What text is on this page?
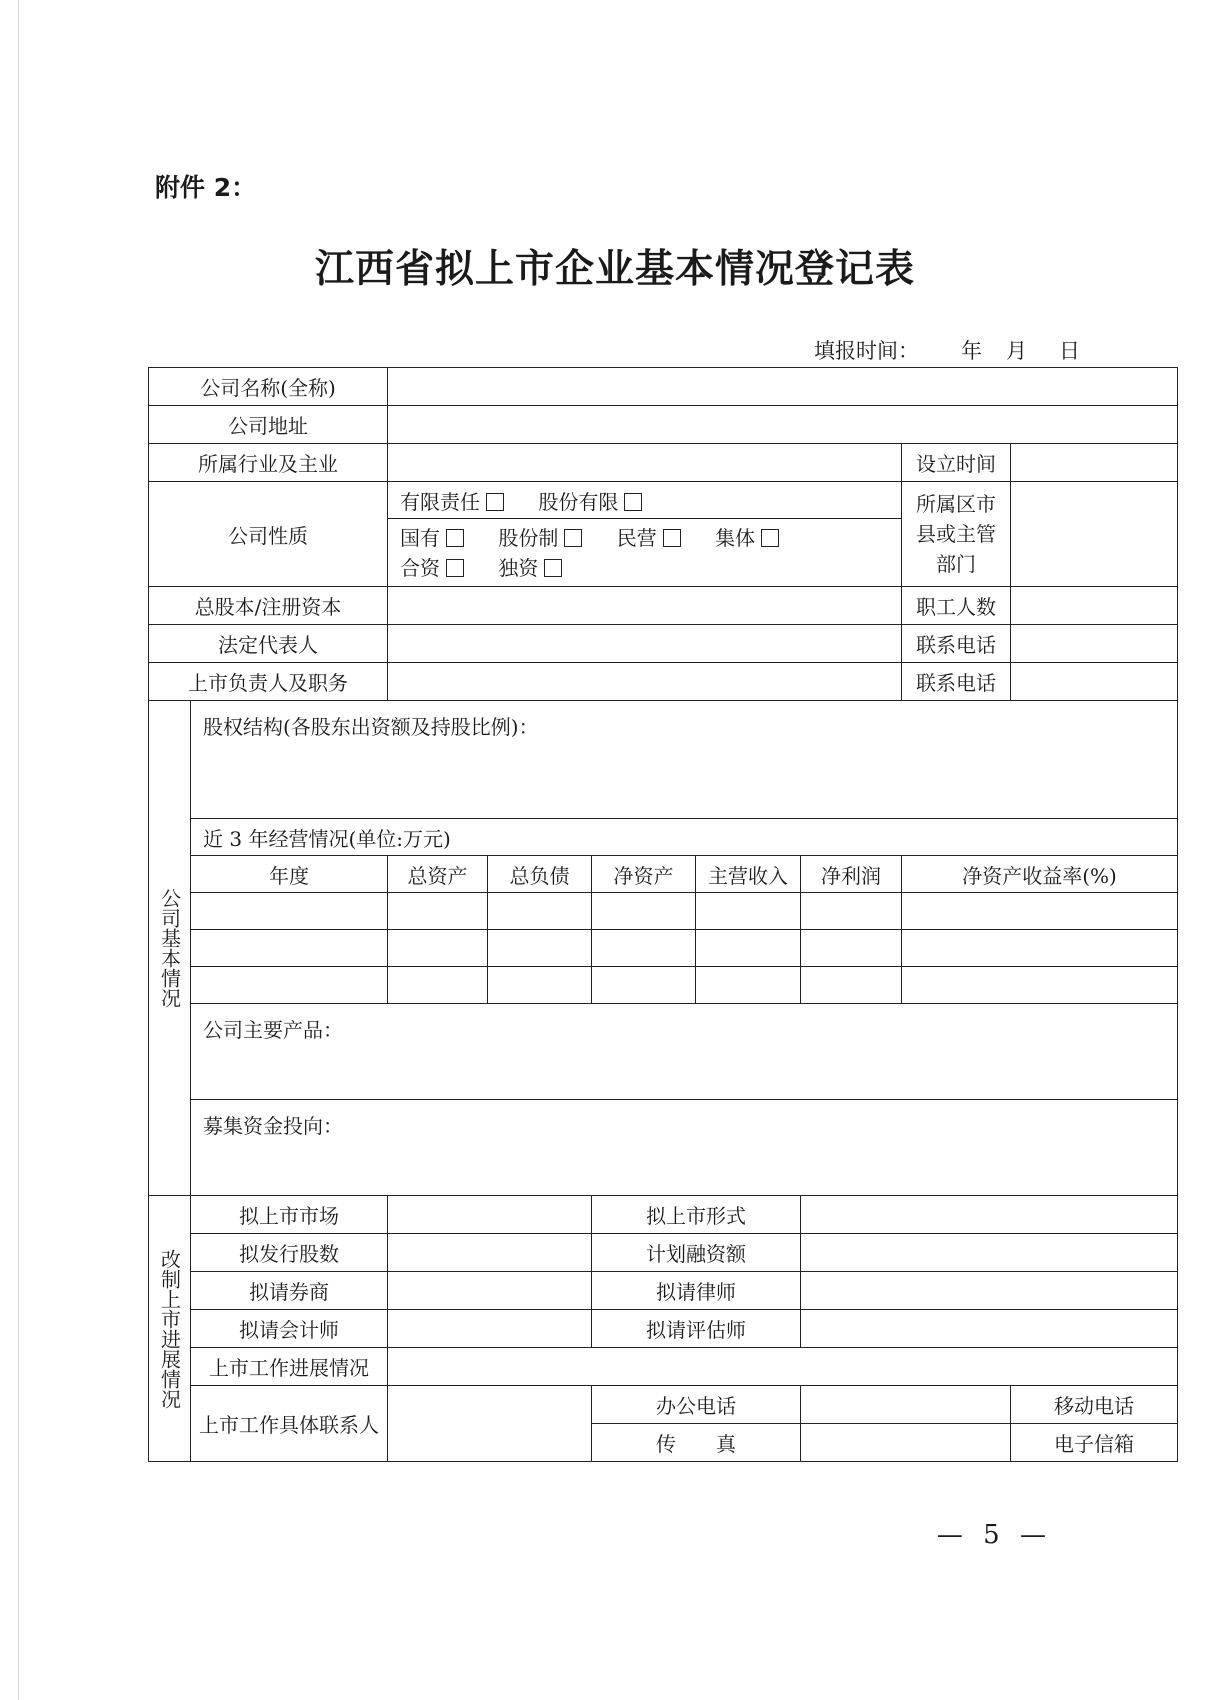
附件 2：
江西省拟上市企业基本情况登记表
填报时间： 年 月 日
公司名称(全称)									
公司地址									
所属行业及主业							设立时间		
公司性质		有限责任 股份有限					所属区市县或主管部门		
		国有 股份制 民营 集体
合资 独资							
总股本/注册资本							职工人数		
法定代表人							联系电话		
上市负责人及职务							联系电话		

公司基本情况	股权结构(各股东出资额及持股比例)：								
	近 3 年经营情况(单位:万元)								
	年度	总资产	总负债	净资产	主营收入	净利润	净资产收益率(%)		

	公司主要产品：								
	募集资金投向：								

改制上市进展情况	拟上市市场			拟上市形式					
	拟发行股数			计划融资额					
	拟请券商			拟请律师					
	拟请会计师			拟请评估师					
	上市工作进展情况								
	上市工作具体联系人			办公电话				移动电话	
				传　　真				电子信箱	
— 5 —
